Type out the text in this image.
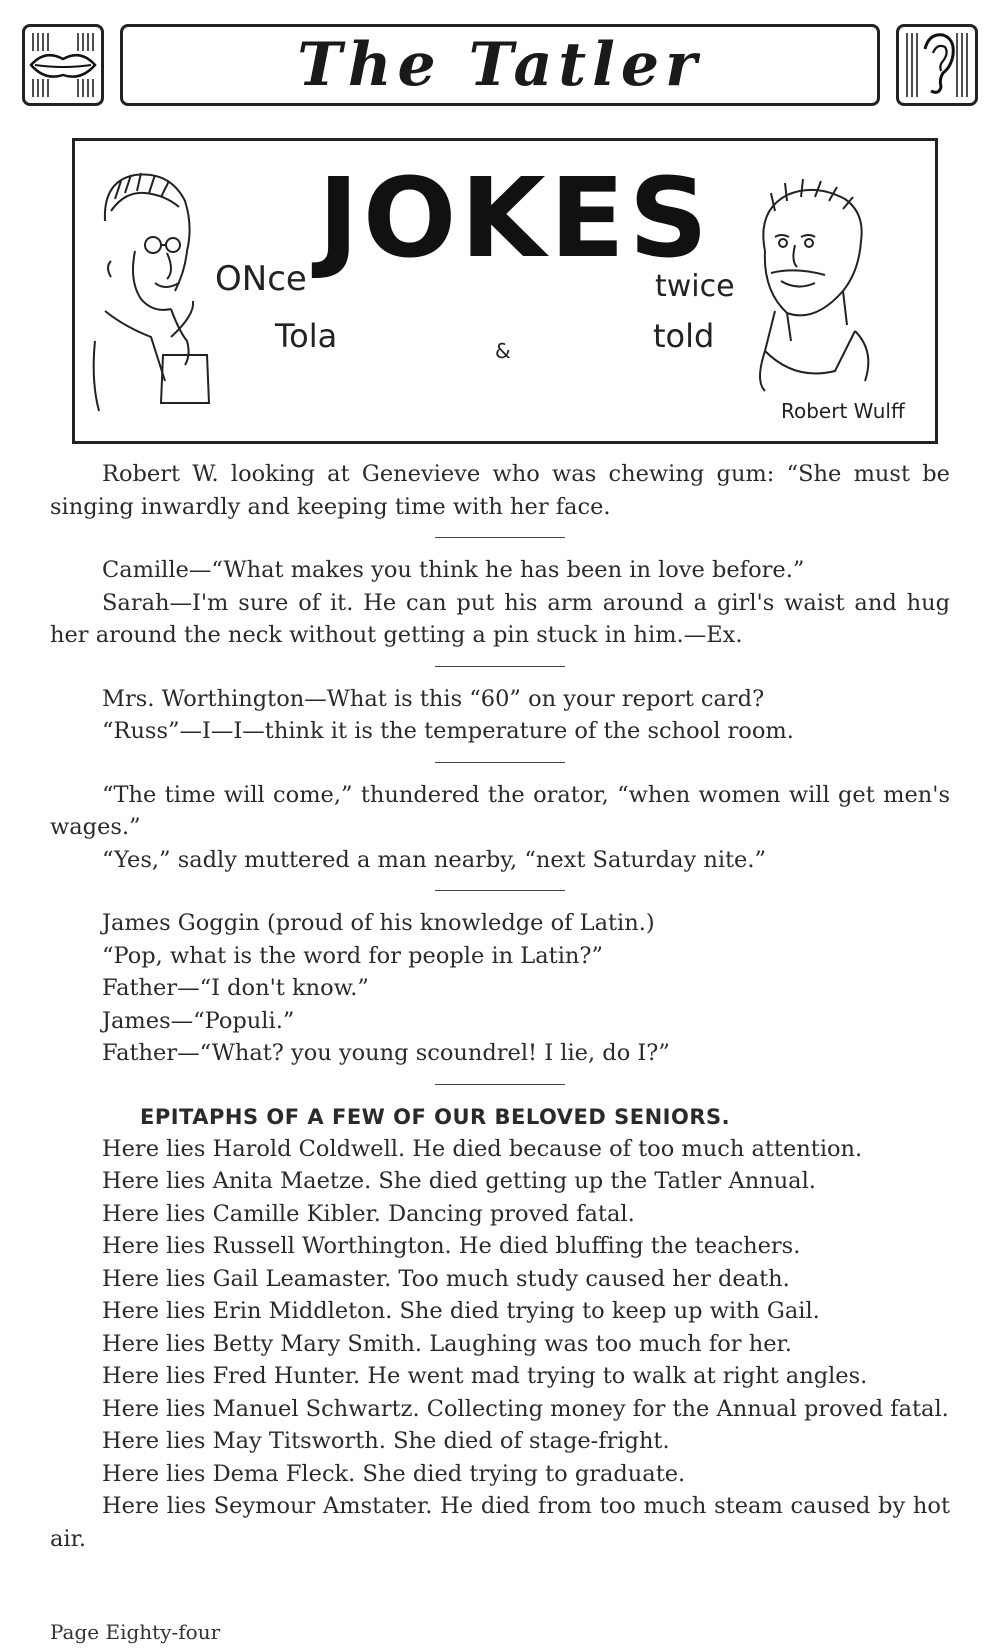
The Tatler
JOKES
ONce
Tola	&
twice
told
Robert Wulff

Robert W. looking at Genevieve who was chewing gum: “She must be singing inwardly and keeping time with her face.

Camille—“What makes you think he has been in love before.”

Sarah—I'm sure of it. He can put his arm around a girl's waist and hug her around the neck without getting a pin stuck in him.—Ex.

Mrs. Worthington—What is this “60” on your report card?

“Russ”—I—I—think it is the temperature of the school room.

“The time will come,” thundered the orator, “when women will get men's wages.”

“Yes,” sadly muttered a man nearby, “next Saturday nite.”

James Goggin (proud of his knowledge of Latin.)

“Pop, what is the word for people in Latin?”

Father—“I don't know.”

James—“Populi.”

Father—“What? you young scoundrel! I lie, do I?”

EPITAPHS OF A FEW OF OUR BELOVED SENIORS.

Here lies Harold Coldwell. He died because of too much attention.

Here lies Anita Maetze. She died getting up the Tatler Annual.

Here lies Camille Kibler. Dancing proved fatal.

Here lies Russell Worthington. He died bluffing the teachers.

Here lies Gail Leamaster. Too much study caused her death.

Here lies Erin Middleton. She died trying to keep up with Gail.

Here lies Betty Mary Smith. Laughing was too much for her.

Here lies Fred Hunter. He went mad trying to walk at right angles.

Here lies Manuel Schwartz. Collecting money for the Annual proved fatal.

Here lies May Titsworth. She died of stage-fright.

Here lies Dema Fleck. She died trying to graduate.

Here lies Seymour Amstater. He died from too much steam caused by hot air.

Page Eighty-four
